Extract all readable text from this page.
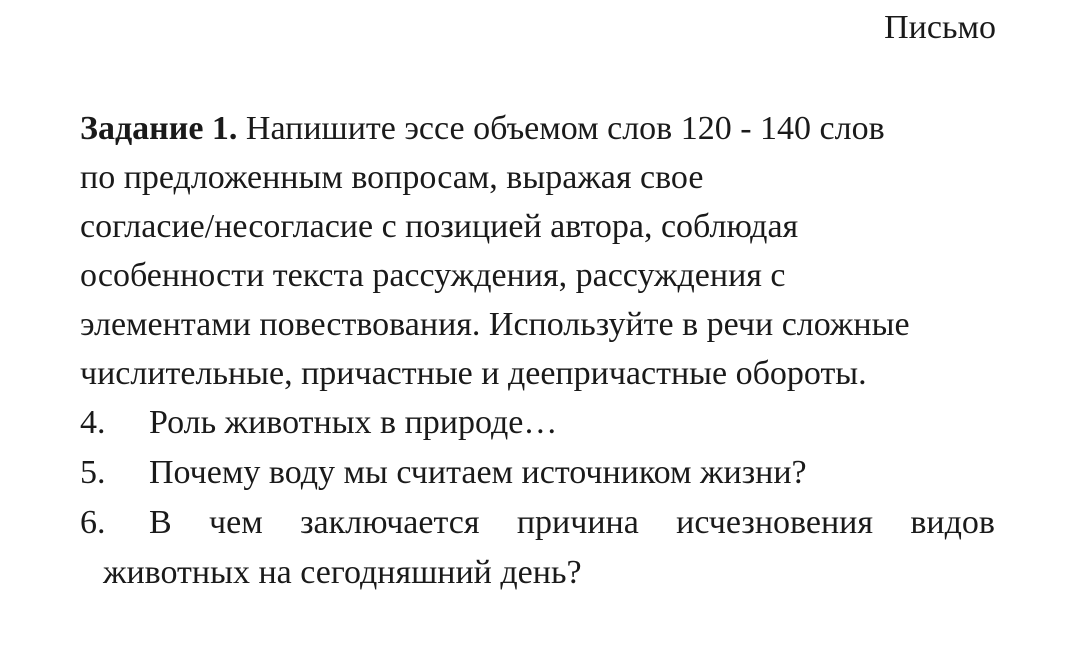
Письмо

Задание 1. Напишите эссе объемом слов 120 - 140 слов
по предложенным вопросам, выражая свое
согласие/несогласие с позицией автора, соблюдая
особенности текста рассуждения, рассуждения с
элементами повествования. Используйте в речи сложные
числительные, причастные и деепричастные обороты.

4.	Роль животных в природе…
5.	Почему воду мы считаем источником жизни?
6.	В чем заключается причина исчезновения видов
животных на сегодняшний день?
